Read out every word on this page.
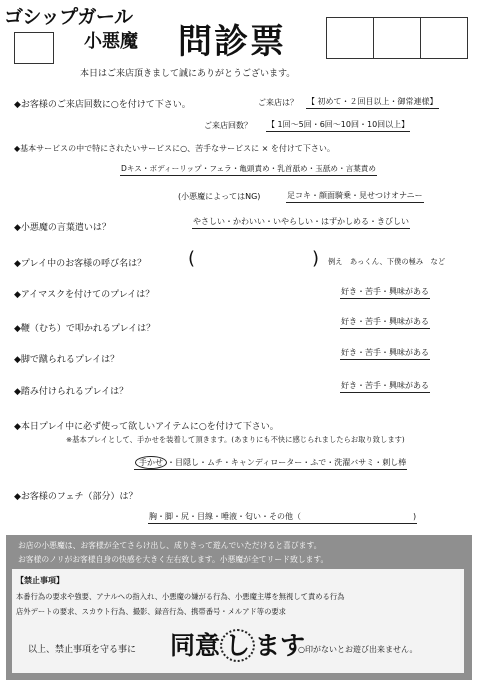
ゴシップガール
小悪魔 問診票
本日はご来店頂きまして誠にありがとうございます。
◆お客様のご来店回数に○を付けて下さい。	ご来店は？ 【 初めて・２回目以上・御常連様】
ご来店回数？ 【 1回～5回・6回～10回・10回以上】
◆基本サービスの中で特にされたいサービスに○、苦手なサービスに × を付けて下さい。
Dキス・ボディーリップ・フェラ・亀頭責め・乳首舐め・玉舐め・言葉責め
(小悪魔によってはNG)	足コキ・顔面騎乗・見せつけオナニー
◆小悪魔の言葉遣いは？
やさしい・かわいい・いやらしい・はずかしめる・きびしい
◆プレイ中のお客様の呼び名は？ (	) 例え　あっくん、下僕の極み　など
◆アイマスクを付けてのプレイは？	好き・苦手・興味がある
◆鞭（むち）で叩かれるプレイは？
好き・苦手・興味がある
◆脚で蹴られるプレイは？
好き・苦手・興味がある
◆踏み付けられるプレイは？
好き・苦手・興味がある
◆本日プレイ中に必ず使って欲しいアイテムに○を付けて下さい。
※基本プレイとして、手かせを装着して頂きます。(あまりにも不快に感じられましたらお取り致します)
手かせ ・目隠し・ムチ・キャンディローター・ふで・洗濯バサミ・刺し棒
◆お客様のフェチ（部分）は？
胸・脚・尻・目線・唾液・匂い・その他（	)
お店の小悪魔は、お客様が全てさらけ出し、成りきって遊んでいただけると喜びます。
お客様のノリがお客様自身の快感を大きく左右致します。小悪魔が全てリード致します。
【禁止事項】
本番行為の要求や強要、アナルへの指入れ、小悪魔の嫌がる行為、小悪魔主導を無視して責める行為
店外デートの要求、スカウト行為、撮影、録音行為、携帯番号・メルアド等の要求
以上、禁止事項を守る事に 同意 し ます
○印がないとお遊び出来ません。
